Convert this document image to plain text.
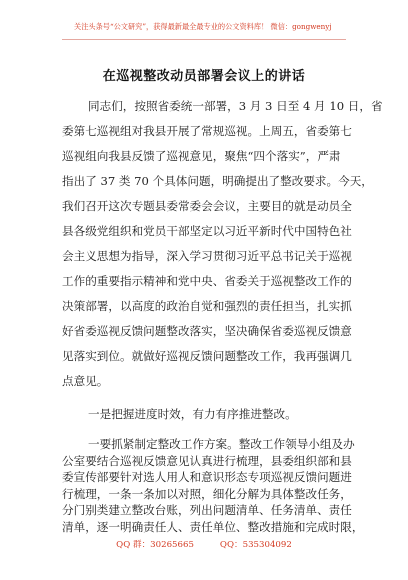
关注头条号“公文研究”，获得最新最全最专业的公文资料库！ 微信：gongwenyj
在巡视整改动员部署会议上的讲话
同志们，按照省委统一部署，3 月 3 日至 4 月 10 日，省
委第七巡视组对我县开展了常规巡视。上周五，省委第七
巡视组向我县反馈了巡视意见，聚焦“四个落实”，严肃
指出了 37 类 70 个具体问题，明确提出了整改要求。今天，
我们召开这次专题县委常委会会议，主要目的就是动员全
县各级党组织和党员干部坚定以习近平新时代中国特色社
会主义思想为指导，深入学习贯彻习近平总书记关于巡视
工作的重要指示精神和党中央、省委关于巡视整改工作的
决策部署，以高度的政治自觉和强烈的责任担当，扎实抓
好省委巡视反馈问题整改落实，坚决确保省委巡视反馈意
见落实到位。就做好巡视反馈问题整改工作，我再强调几
点意见。
一是把握进度时效，有力有序推进整改。
一要抓紧制定整改工作方案。整改工作领导小组及办
公室要结合巡视反馈意见认真进行梳理，县委组织部和县
委宣传部要针对选人用人和意识形态专项巡视反馈问题进
行梳理，一条一条加以对照，细化分解为具体整改任务，
分门别类建立整改台账，列出问题清单、任务清单、责任
清单，逐一明确责任人、责任单位、整改措施和完成时限，
QQ 群：30265665	QQ：535304092
